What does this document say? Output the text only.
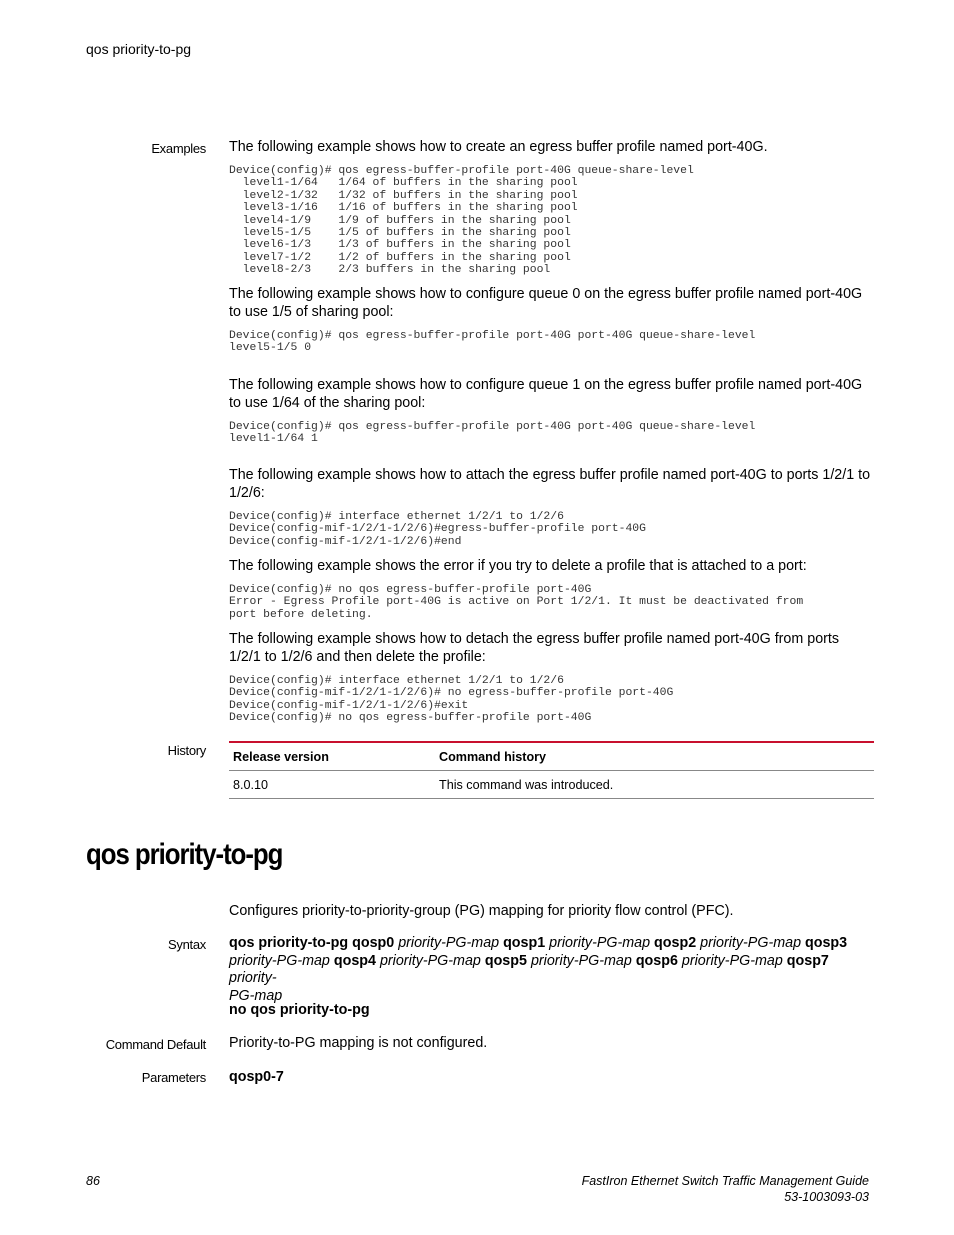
qos priority-to-pg
Examples The following example shows how to create an egress buffer profile named port-40G.
Device(config)# qos egress-buffer-profile port-40G queue-share-level
level1-1/64   1/64 of buffers in the sharing pool
level2-1/32   1/32 of buffers in the sharing pool
level3-1/16   1/16 of buffers in the sharing pool
level4-1/9    1/9 of buffers in the sharing pool
level5-1/5    1/5 of buffers in the sharing pool
level6-1/3    1/3 of buffers in the sharing pool
level7-1/2    1/2 of buffers in the sharing pool
level8-2/3    2/3 buffers in the sharing pool
The following example shows how to configure queue 0 on the egress buffer profile named port-40G to use 1/5 of sharing pool:
Device(config)# qos egress-buffer-profile port-40G port-40G queue-share-level
level5-1/5 0
The following example shows how to configure queue 1 on the egress buffer profile named port-40G to use 1/64 of the sharing pool:
Device(config)# qos egress-buffer-profile port-40G port-40G queue-share-level
level1-1/64 1
The following example shows how to attach the egress buffer profile named port-40G to ports 1/2/1 to 1/2/6:
Device(config)# interface ethernet 1/2/1 to 1/2/6
Device(config-mif-1/2/1-1/2/6)#egress-buffer-profile port-40G
Device(config-mif-1/2/1-1/2/6)#end
The following example shows the error if you try to delete a profile that is attached to a port:
Device(config)# no qos egress-buffer-profile port-40G
Error - Egress Profile port-40G is active on Port 1/2/1. It must be deactivated from
port before deleting.
The following example shows how to detach the egress buffer profile named port-40G from ports 1/2/1 to 1/2/6 and then delete the profile:
Device(config)# interface ethernet 1/2/1 to 1/2/6
Device(config-mif-1/2/1-1/2/6)# no egress-buffer-profile port-40G
Device(config-mif-1/2/1-1/2/6)#exit
Device(config)# no qos egress-buffer-profile port-40G
History Release version	Command history
8.0.10	This command was introduced.
qos priority-to-pg
Configures priority-to-priority-group (PG) mapping for priority flow control (PFC).
Syntax qos priority-to-pg qosp0 priority-PG-map qosp1 priority-PG-map qosp2 priority-PG-map qosp3 priority-PG-map qosp4 priority-PG-map qosp5 priority-PG-map qosp6 priority-PG-map qosp7 priority-
PG-map
no qos priority-to-pg
Command Default Priority-to-PG mapping is not configured.
Parameters qosp0-7
86	FastIron Ethernet Switch Traffic Management Guide
53-1003093-03
